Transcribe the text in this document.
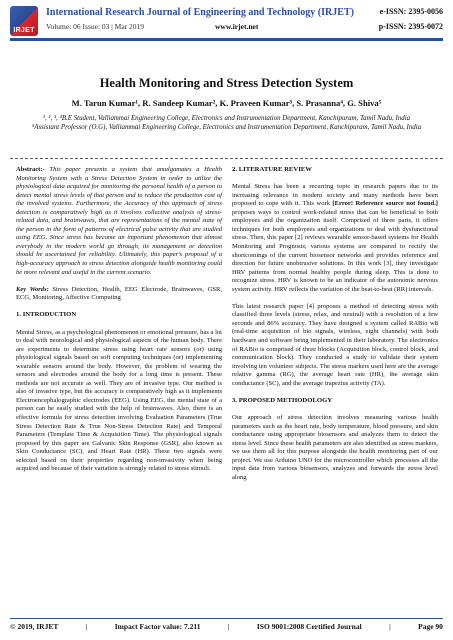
IRJET
International Research Journal of Engineering and Technology (IRJET)
Volume: 06 Issue: 03 | Mar 2019	www.irjet.net
e-ISSN: 2395-0056
p-ISSN: 2395-0072
Health Monitoring and Stress Detection System
M. Tarun Kumar¹, R. Sandeep Kumar², K. Praveen Kumar³, S. Prasanna⁴, G. Shiva⁵
¹, ², ³, ⁴B.E Student, Valliammai Engineering College, Electronics and Instrumentation Department, Kanchipuram, Tamil Nadu, India
⁵Assistant Professor (O.G), Valliammai Engineering College, Electronics and Instrumentation Department, Kanchipuram, Tamil Nadu, India

Abstract:- This paper presents a system that amalgamates a Health Monitoring System with a Stress Detection System in order to utilize the physiological data acquired for monitoring the personal health of a person to detect mental stress levels of that person and to reduce the production cost of the involved systems. Furthermore, the Accuracy of this approach of stress detection is comparatively high as it involves collective analysis of stress-related data, and brainwaves, that are representations of the mental state of the person in the form of patterns of electrical pulse activity that are studied using EEG. Since stress has become an important phenomenon that almost everybody in the modern world go through, its management or detection should be ascertained for reliability. Ultimately, this paper's proposal of a high-accuracy approach to stress detection alongside health monitoring could be more relevant and useful in the current scenario.

Key Words: Stress Detection, Health, EEG Electrode, Brainwaves, GSR, ECG, Monitoring, Affective Computing

1. INTRODUCTION

Mental Stress, as a psychological phenomenon or emotional pressure, has a lot to deal with neurological and physiological aspects of the human body. There are experiments to determine stress using heart rate sensors (or) using physiological signals based on soft computing techniques (or) implementing wearable sensors around the body. However, the problem of wearing the sensors and electrodes around the body for a long time is present. These methods are not accurate as well. They are of invasive type. Our method is also of invasive type, but the accuracy is comparatively high as it implements Electroencephalographic electrodes (EEG). Using EEG, the mental state of a person can be easily studied with the help of brainwaves. Also, there is an effective formula for stress detection involving Evaluation Parameters (True Stress Detection Rate & True Non-Stress Detection Rate) and Temporal Parameters (Template Time & Acquisition Time). The physiological signals proposed by this paper are Galvanic Skin Response (GSR), also known as Skin Conductance (SC), and Heart Rate (HR). These two signals were selected based on their properties regarding non-invasivity when being acquired and because of their variation is strongly related to stress stimuli.

2. LITERATURE REVIEW

Mental Stress has been a recurring topic in research papers due to its increasing relevance in modern society and many methods have been proposed to cope with it. This work [Error! Reference source not found.] proposes ways to control work-related stress that can be beneficial to both employees and the organization itself. Comprised of three parts, it offers techniques for both employees and organizations to deal with dysfunctional stress. Then, this paper [2] reviews wearable sensor-based systems for Health Monitoring and Prognosis; various systems are compared to rectify the shortcomings of the current biosensor networks and provides reference and direction for future unobtrusive solutions. In this work [3], they investigate HRV patterns from normal healthy people during sleep. This is done to recognize stress. HRV is known to be an indicator of the autonomic nervous system activity. HRV reflects the variation of the beat-to-beat (RR) intervals.

This latest research paper [4] proposes a method of detecting stress with classified three levels (stress, relax, and neutral) with a resolution of a few seconds and 86% accuracy. They have designed a system called RABio w8 (real-time acquisition of bio signals, wireless, eight channels) with both hardware and software being implemented in their laboratory. The electronics of RABio is comprised of three blocks (Acquisition block, control block, and communication block). They conducted a study to validate their system involving ten volunteer subjects. The stress markers used here are the average relative gamma (RG), the average heart rate (HR), the average skin conductance (SC), and the average trapezius activity (TA).

3. PROPOSED METHODOLOGY

Our approach of stress detection involves measuring various health parameters such as the heart rate, body temperature, blood pressure, and skin conductance using appropriate biosensors and analyzes them to detect the stress level. Since these health parameters are also identified as stress markers, we use them all for this purpose alongside the health monitoring part of our project. We use Arduino UNO for the microcontroller which processes all the input data from various biosensors, analyzes and forwards the stress level along

© 2019, IRJET	|	Impact Factor value: 7.211	|	ISO 9001:2008 Certified Journal	|	Page 90
